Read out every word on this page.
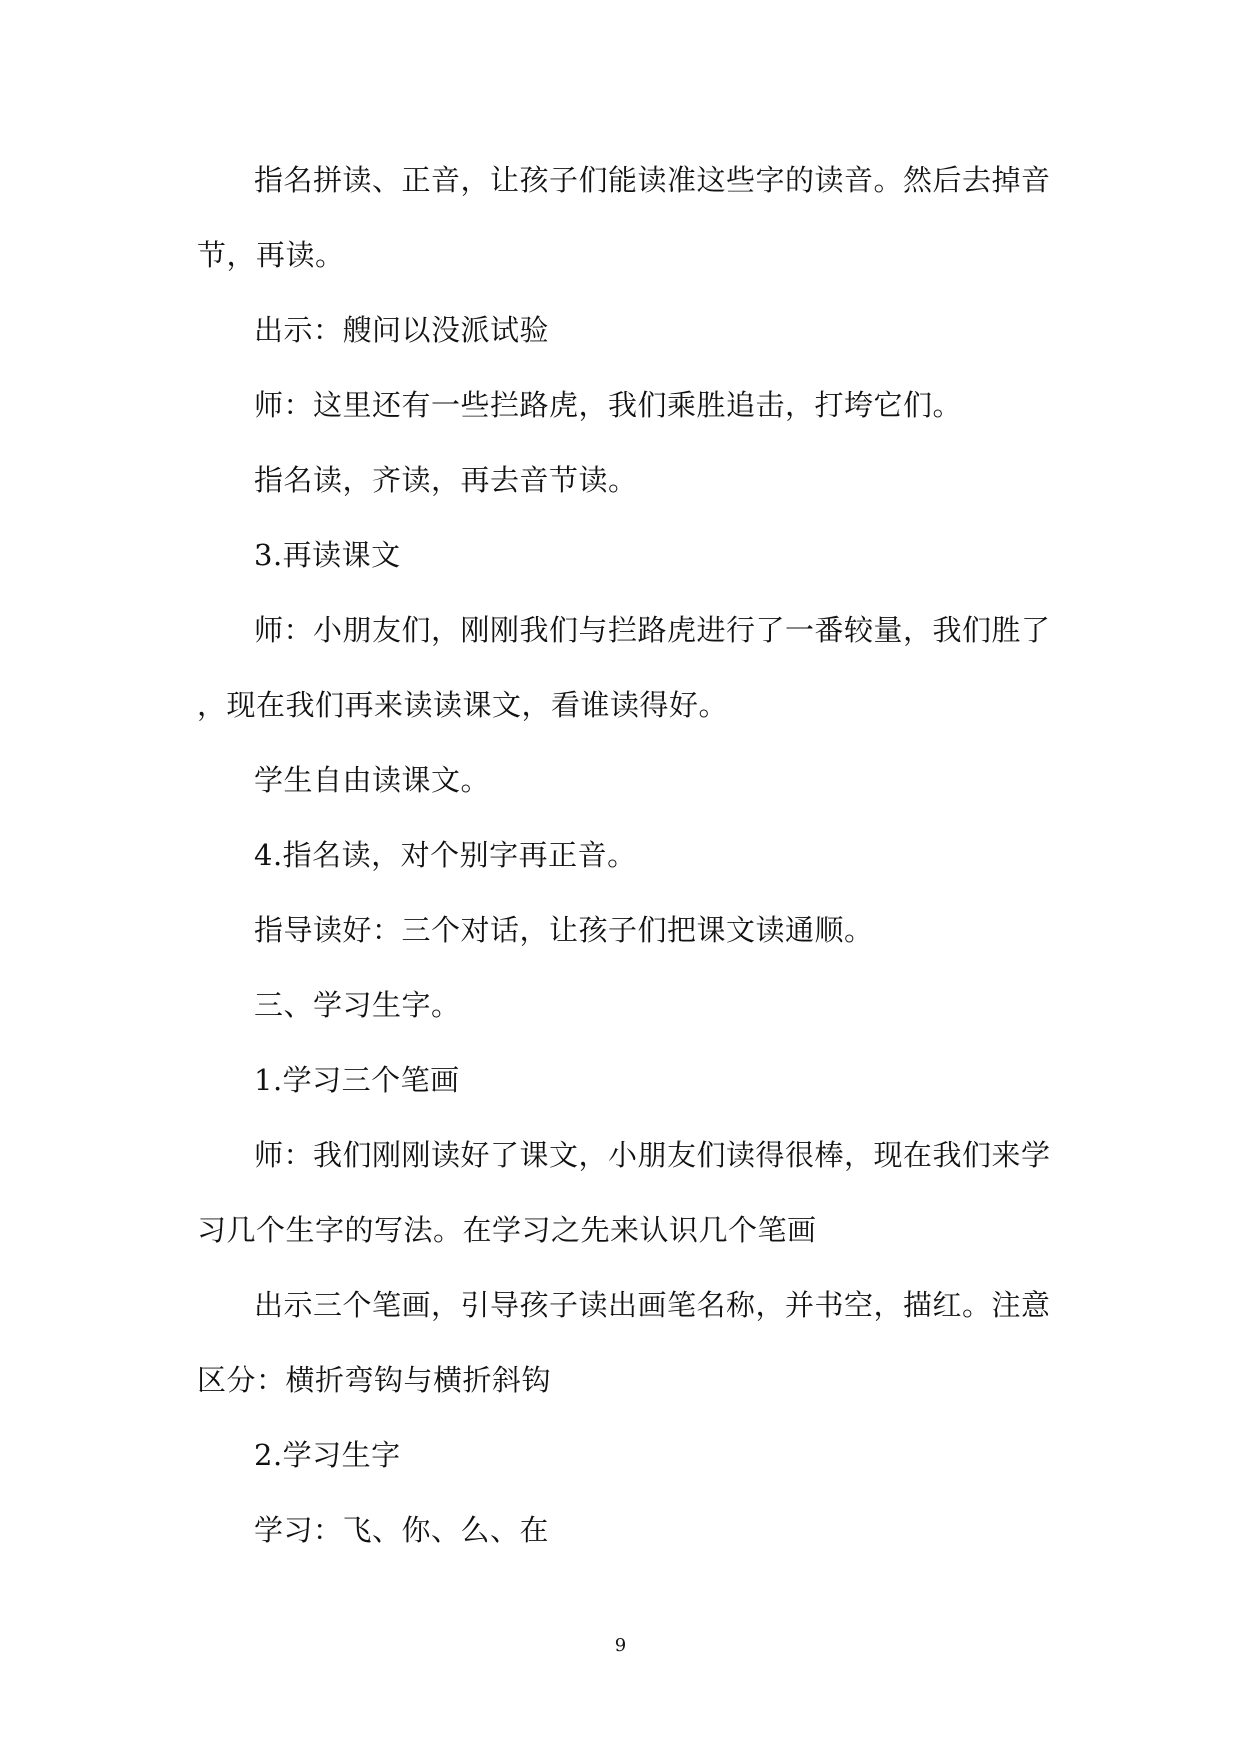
指名拼读、正音，让孩子们能读准这些字的读音。然后去掉音
节，再读。
出示：艘问以没派试验
师：这里还有一些拦路虎，我们乘胜追击，打垮它们。
指名读，齐读，再去音节读。
3.再读课文
师：小朋友们，刚刚我们与拦路虎进行了一番较量，我们胜了
，现在我们再来读读课文，看谁读得好。
学生自由读课文。
4.指名读，对个别字再正音。
指导读好：三个对话，让孩子们把课文读通顺。
三、学习生字。
1.学习三个笔画
师：我们刚刚读好了课文，小朋友们读得很棒，现在我们来学
习几个生字的写法。在学习之先来认识几个笔画
出示三个笔画，引导孩子读出画笔名称，并书空，描红。注意
区分：横折弯钩与横折斜钩
2.学习生字
学习：飞、你、么、在
9
